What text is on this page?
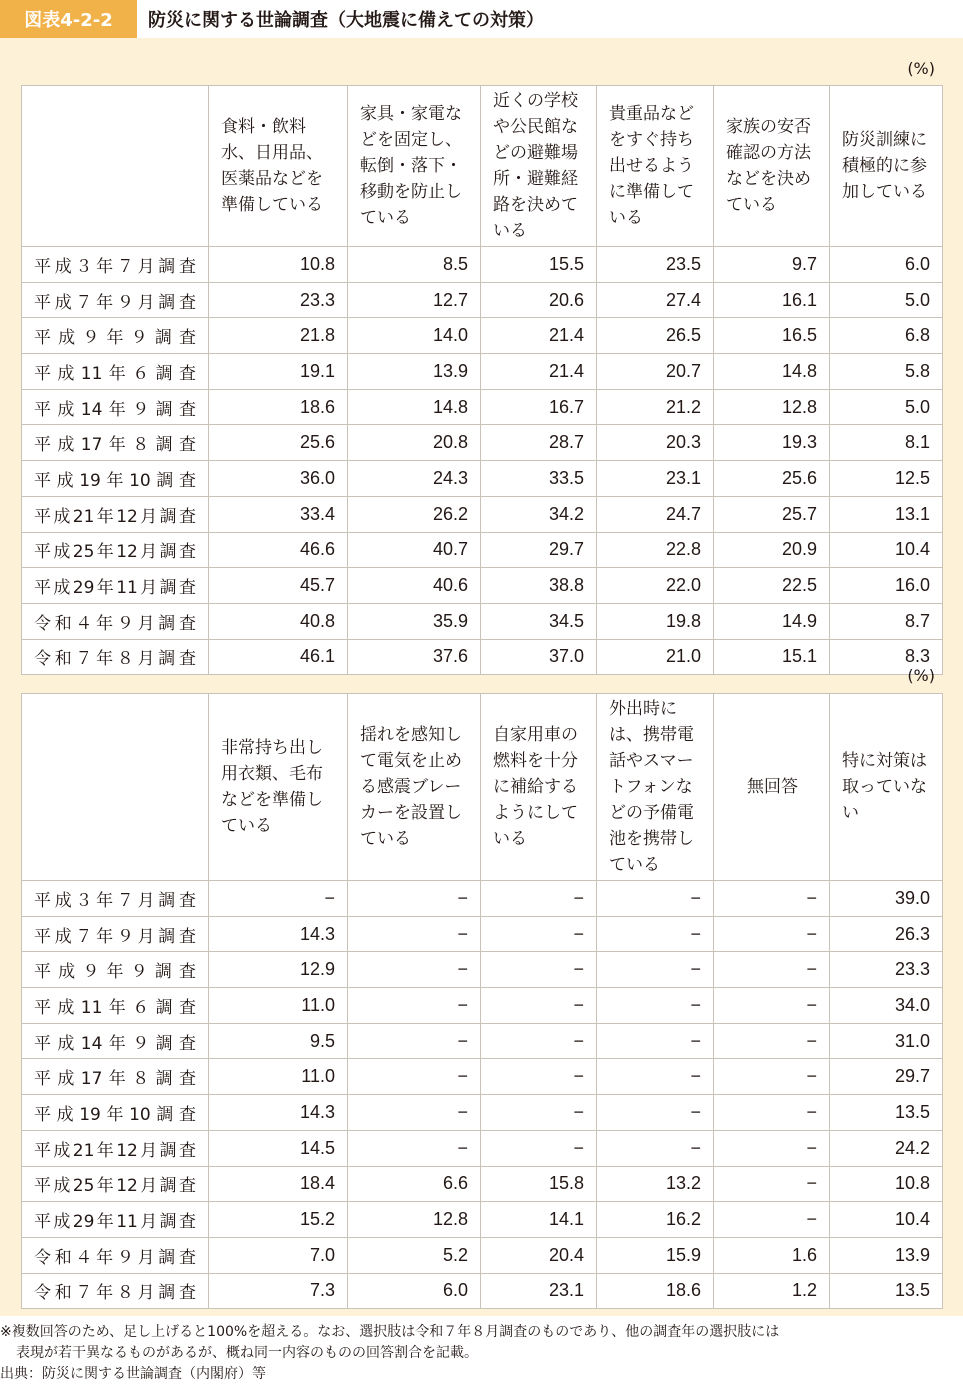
図表4-2-2	防災に関する世論調査（大地震に備えての対策）
(%)
	食料・飲料水、日用品、医薬品などを準備している	家具・家電などを固定し、転倒・落下・移動を防止している	近くの学校や公民館などの避難場所・避難経路を決めている	貴重品などをすぐ持ち出せるように準備している	家族の安否確認の方法などを決めている	防災訓練に積極的に参加している
平成３年７月調査	10.8	8.5	15.5	23.5	9.7	6.0
平成７年９月調査	23.3	12.7	20.6	27.4	16.1	5.0
平成９年９調査	21.8	14.0	21.4	26.5	16.5	6.8
平成11年６調査	19.1	13.9	21.4	20.7	14.8	5.8
平成14年９調査	18.6	14.8	16.7	21.2	12.8	5.0
平成17年８調査	25.6	20.8	28.7	20.3	19.3	8.1
平成19年10調査	36.0	24.3	33.5	23.1	25.6	12.5
平成21年12月調査	33.4	26.2	34.2	24.7	25.7	13.1
平成25年12月調査	46.6	40.7	29.7	22.8	20.9	10.4
平成29年11月調査	45.7	40.6	38.8	22.0	22.5	16.0
令和４年９月調査	40.8	35.9	34.5	19.8	14.9	8.7
令和７年８月調査	46.1	37.6	37.0	21.0	15.1	8.3
(%)
	非常持ち出し用衣類、毛布などを準備している	揺れを感知して電気を止める感震ブレーカーを設置している	自家用車の燃料を十分に補給するようにしている	外出時には、携帯電話やスマートフォンなどの予備電池を携帯している	無回答	特に対策は取っていない
平成３年７月調査	−	−	−	−	−	39.0
平成７年９月調査	14.3	−	−	−	−	26.3
平成９年９調査	12.9	−	−	−	−	23.3
平成11年６調査	11.0	−	−	−	−	34.0
平成14年９調査	9.5	−	−	−	−	31.0
平成17年８調査	11.0	−	−	−	−	29.7
平成19年10調査	14.3	−	−	−	−	13.5
平成21年12月調査	14.5	−	−	−	−	24.2
平成25年12月調査	18.4	6.6	15.8	13.2	−	10.8
平成29年11月調査	15.2	12.8	14.1	16.2	−	10.4
令和４年９月調査	7.0	5.2	20.4	15.9	1.6	13.9
令和７年８月調査	7.3	6.0	23.1	18.6	1.2	13.5

※複数回答のため、足し上げると100%を超える。なお、選択肢は令和７年８月調査のものであり、他の調査年の選択肢には

表現が若干異なるものがあるが、概ね同一内容のものの回答割合を記載。

出典：防災に関する世論調査（内閣府）等
